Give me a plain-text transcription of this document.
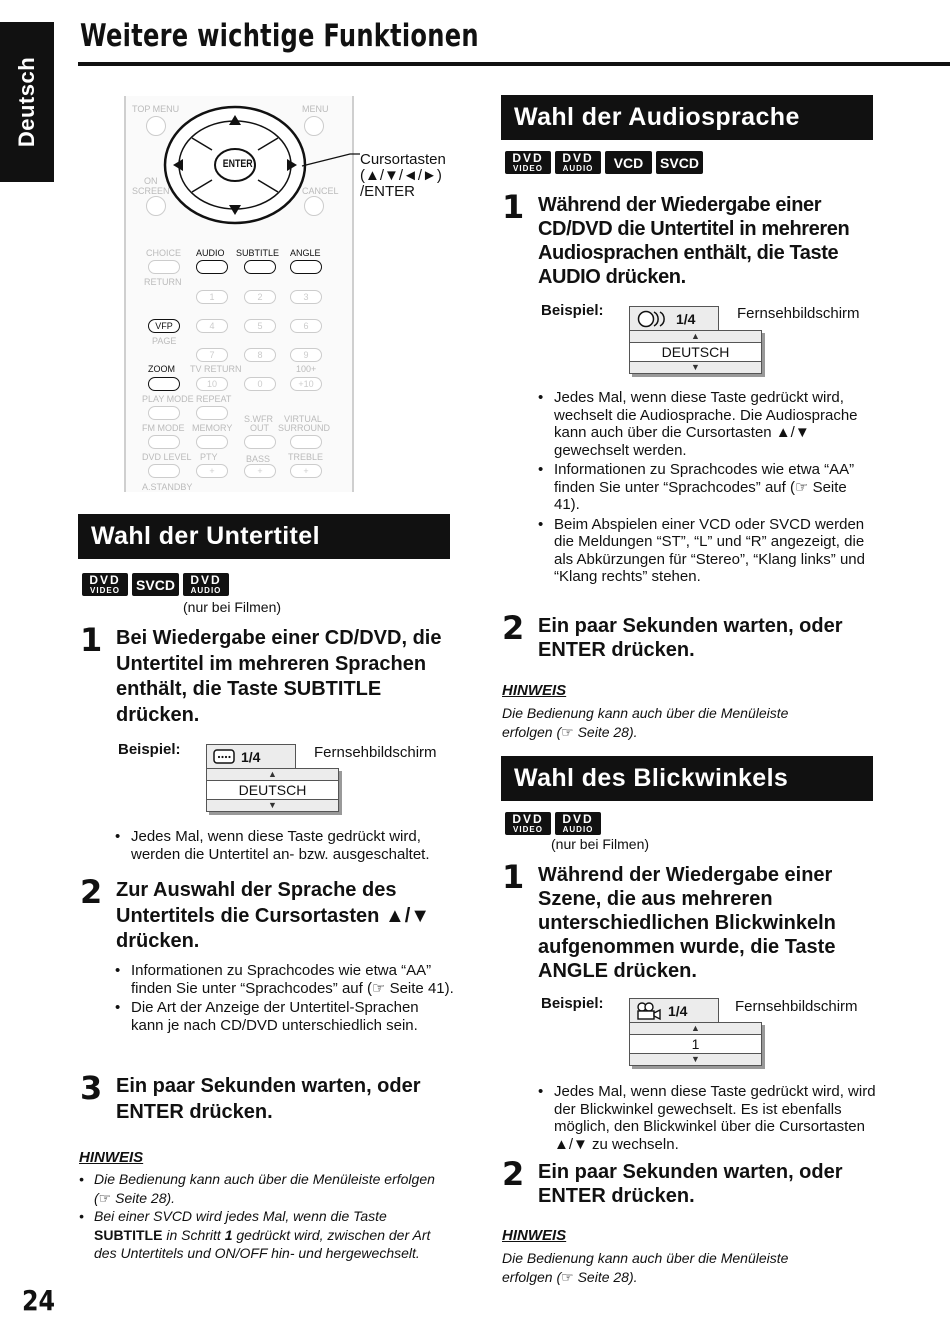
Deutsch
Weitere wichtige Funktionen
TOP MENU	MENU
ON
SCREEN	CANCEL
ENTER
CHOICE AUDIO SUBTITLE ANGLE
RETURN
1	2	3
VFP	4	5	6
PAGE
7	8	9
ZOOM TV RETURN	100+
10	0	+10
PLAY MODE REPEAT
S.WFR VIRTUAL
FM MODE MEMORY OUT SURROUND
DVD LEVEL PTY	BASS TREBLE
+	+	+
A.STANDBY
Cursortasten
(▲/▼/◄/►)
/ENTER
Wahl der Untertitel
DVD
VIDEO SVCD	DVD
AUDIO
(nur bei Filmen)
1 Bei Wiedergabe einer CD/DVD, die Untertitel im mehreren Sprachen enthält, die Taste SUBTITLE drücken.
Beispiel:	Fernsehbildschirm
1/4
▲
DEUTSCH
▼
• Jedes Mal, wenn diese Taste gedrückt wird, werden die Untertitel an- bzw. ausgeschaltet.
2 Zur Auswahl der Sprache des Untertitels die Cursortasten ▲/▼ drücken.
• Informationen zu Sprachcodes wie etwa “AA” finden Sie unter “Sprachcodes” auf (☞ Seite 41).
• Die Art der Anzeige der Untertitel-Sprachen kann je nach CD/DVD unterschiedlich sein.
3 Ein paar Sekunden warten, oder ENTER drücken.
HINWEIS
• Die Bedienung kann auch über die Menüleiste erfolgen (☞ Seite 28).
• Bei einer SVCD wird jedes Mal, wenn die Taste SUBTITLE in Schritt 1 gedrückt wird, zwischen der Art des Untertitels und ON/OFF hin- und hergewechselt.
24
Wahl der Audiosprache
DVD
VIDEO
DVD
AUDIO	VCD	SVCD
1 Während der Wiedergabe einer CD/DVD die Untertitel in mehreren Audiosprachen enthält, die Taste AUDIO drücken.
Beispiel:	Fernsehbildschirm
1/4
▲
DEUTSCH
▼
• Jedes Mal, wenn diese Taste gedrückt wird, wechselt die Audiosprache. Die Audiosprache kann auch über die Cursortasten ▲/▼ gewechselt werden.
• Informationen zu Sprachcodes wie etwa “AA” finden Sie unter “Sprachcodes” auf (☞ Seite 41).
• Beim Abspielen einer VCD oder SVCD werden die Meldungen “ST”, “L” und “R” angezeigt, die als Abkürzungen für “Stereo”, “Klang links” und “Klang rechts” stehen.
2 Ein paar Sekunden warten, oder ENTER drücken.
HINWEIS
Die Bedienung kann auch über die Menüleiste erfolgen (☞ Seite 28).
Wahl des Blickwinkels
DVD
VIDEO
DVD
AUDIO
(nur bei Filmen)
1 Während der Wiedergabe einer Szene, die aus mehreren unterschiedlichen Blickwinkeln aufgenommen wurde, die Taste ANGLE drücken.
Beispiel:	Fernsehbildschirm
1/4
▲
1
▼
• Jedes Mal, wenn diese Taste gedrückt wird, wird der Blickwinkel gewechselt. Es ist ebenfalls möglich, den Blickwinkel über die Cursortasten ▲/▼ zu wechseln.
2 Ein paar Sekunden warten, oder ENTER drücken.
HINWEIS
Die Bedienung kann auch über die Menüleiste erfolgen (☞ Seite 28).
